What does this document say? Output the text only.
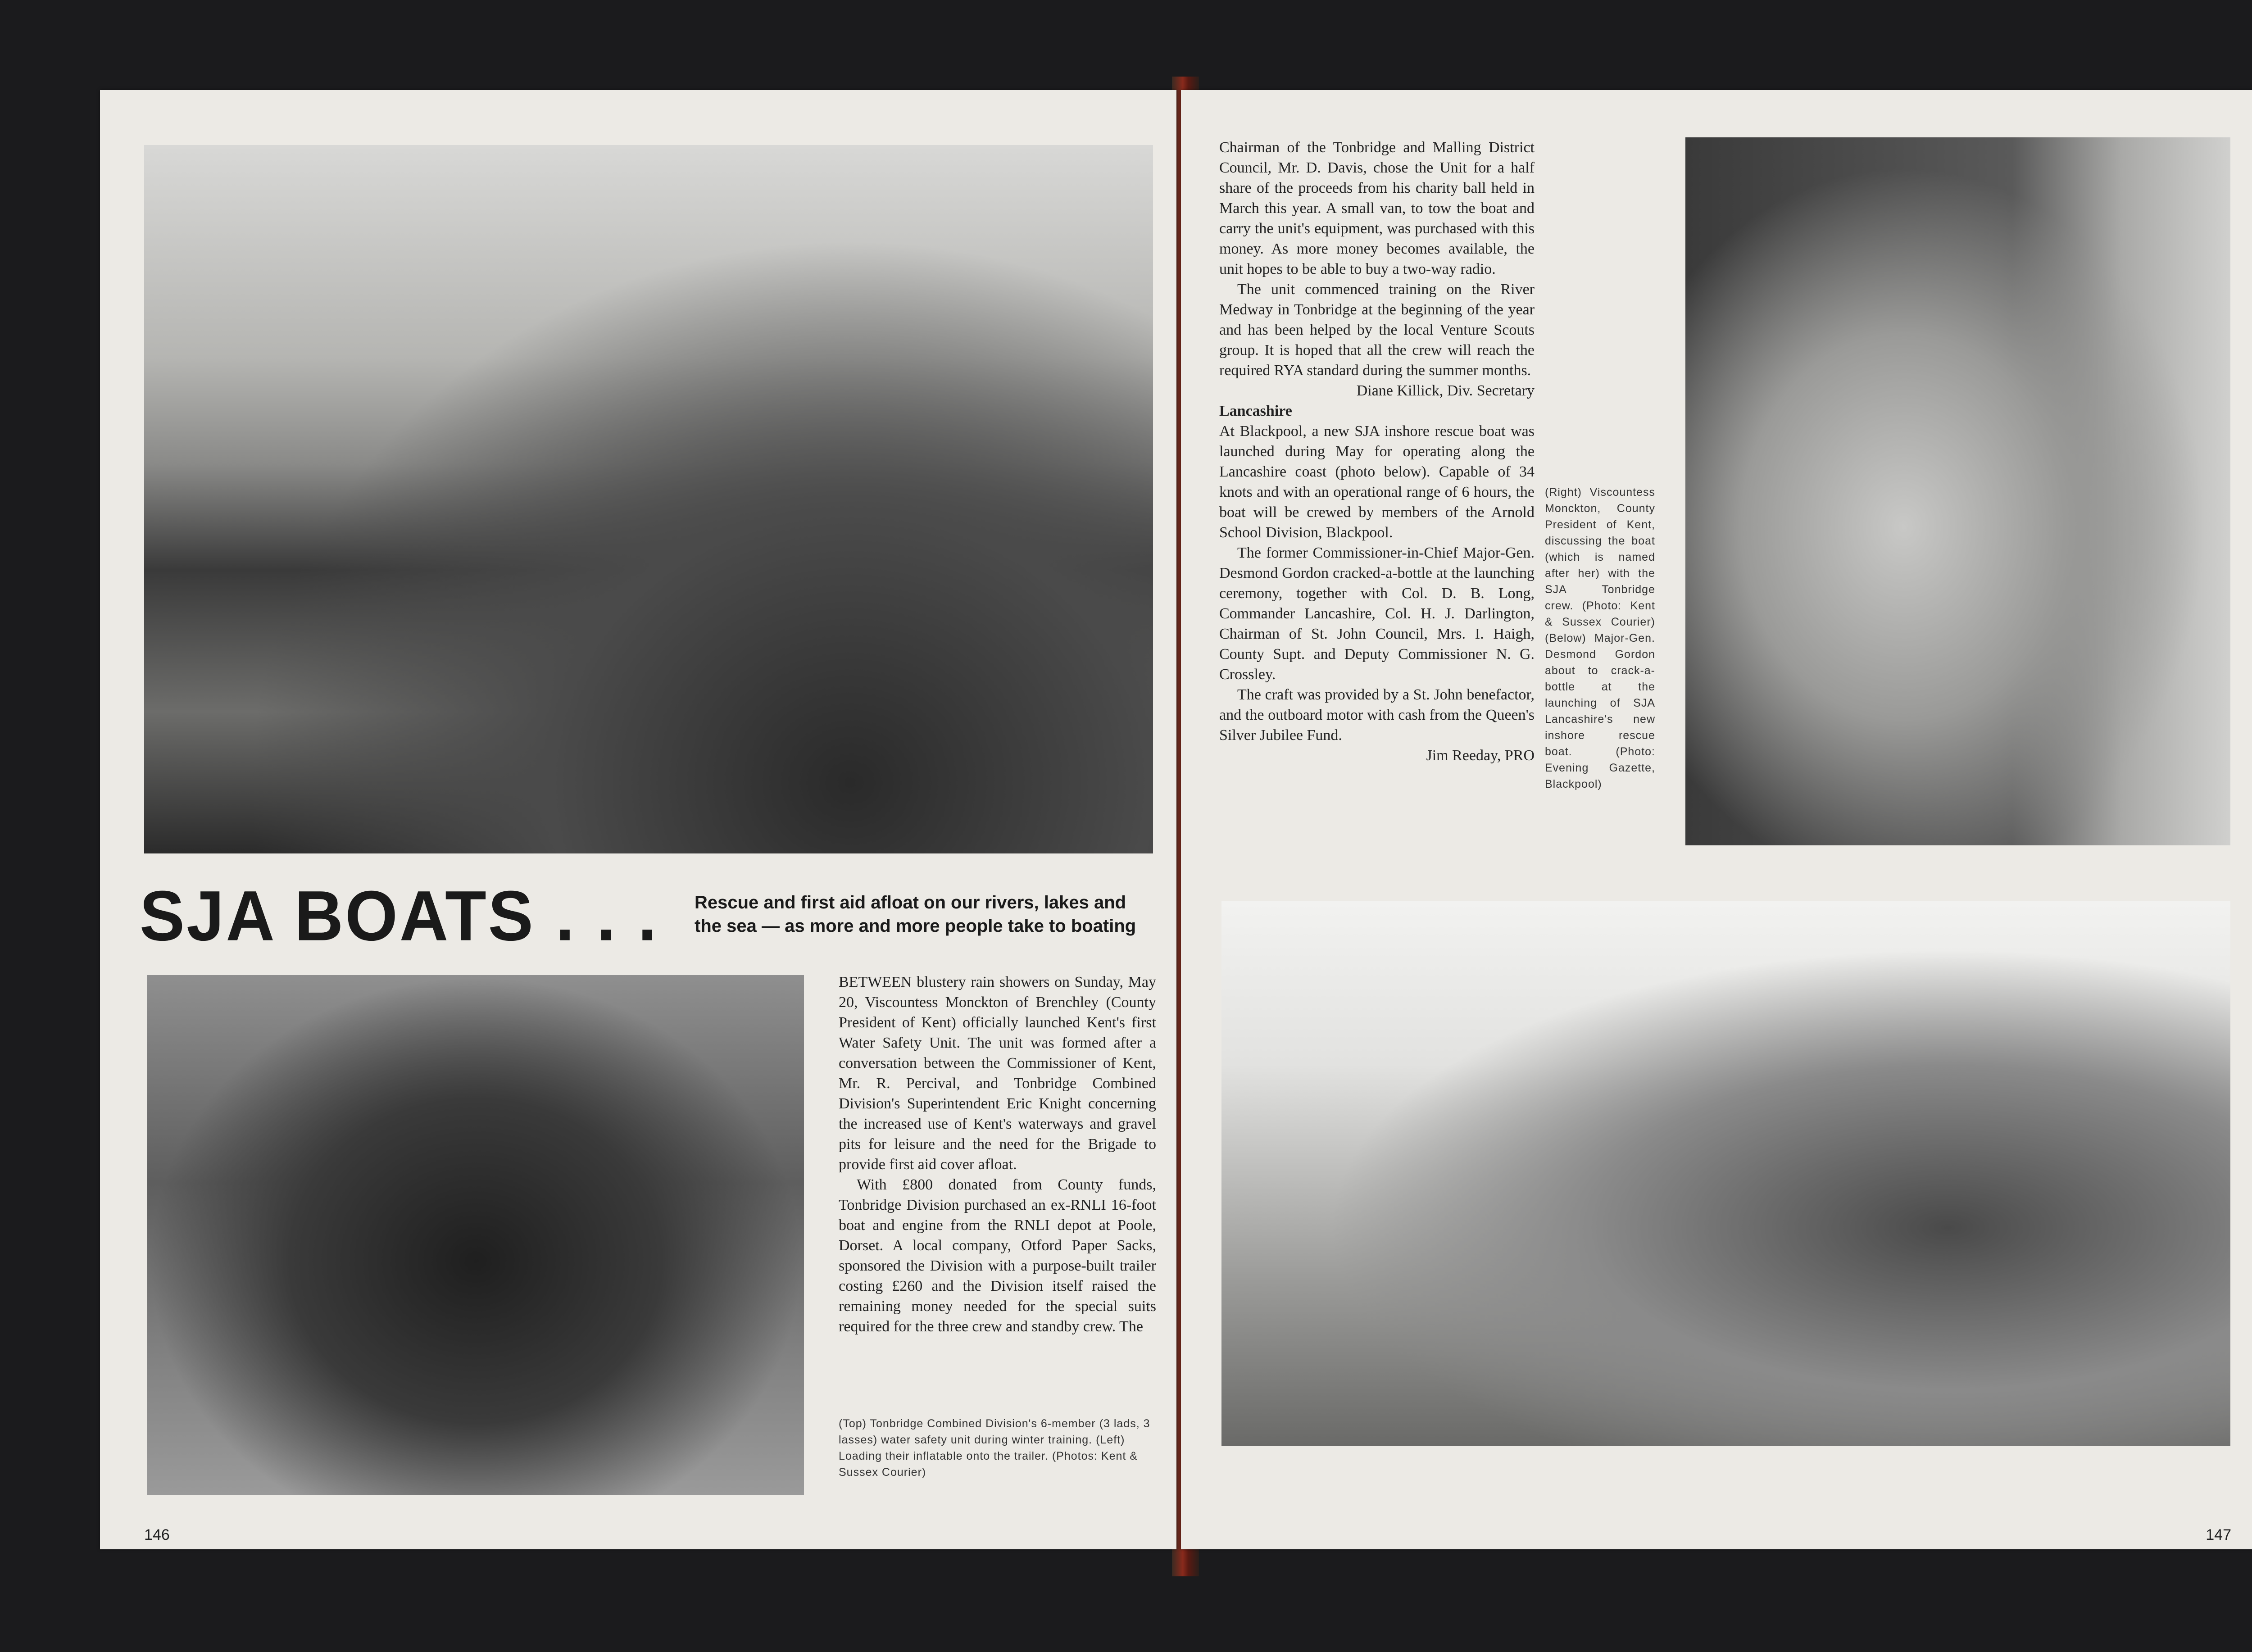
SJA BOATS . . . Rescue and first aid afloat on our rivers, lakes and the sea — as more and more people take to boating

BETWEEN blustery rain showers on Sunday, May 20, Viscountess Monckton of Brenchley (County President of Kent) officially launched Kent's first Water Safety Unit. The unit was formed after a conversation between the Commissioner of Kent, Mr. R. Percival, and Tonbridge Combined Division's Superintendent Eric Knight concerning the increased use of Kent's waterways and gravel pits for leisure and the need for the Brigade to provide first aid cover afloat.

With £800 donated from County funds, Tonbridge Division purchased an ex-RNLI 16-foot boat and engine from the RNLI depot at Poole, Dorset. A local company, Otford Paper Sacks, sponsored the Division with a purpose-built trailer costing £260 and the Division itself raised the remaining money needed for the special suits required for the three crew and standby crew. The

(Top) Tonbridge Combined Division's 6-member (3 lads, 3 lasses) water safety unit during winter training. (Left) Loading their inflatable onto the trailer. (Photos: Kent & Sussex Courier)

146

Chairman of the Tonbridge and Malling District Council, Mr. D. Davis, chose the Unit for a half share of the proceeds from his charity ball held in March this year. A small van, to tow the boat and carry the unit's equipment, was purchased with this money. As more money becomes available, the unit hopes to be able to buy a two-way radio.

The unit commenced training on the River Medway in Tonbridge at the beginning of the year and has been helped by the local Venture Scouts group. It is hoped that all the crew will reach the required RYA standard during the summer months.

Diane Killick, Div. Secretary

Lancashire

At Blackpool, a new SJA inshore rescue boat was launched during May for operating along the Lancashire coast (photo below). Capable of 34 knots and with an operational range of 6 hours, the boat will be crewed by members of the Arnold School Division, Blackpool.

The former Commissioner-in-Chief Major-Gen. Desmond Gordon cracked-a-bottle at the launching ceremony, together with Col. D. B. Long, Commander Lancashire, Col. H. J. Darlington, Chairman of St. John Council, Mrs. I. Haigh, County Supt. and Deputy Commissioner N. G. Crossley.

The craft was provided by a St. John benefactor, and the outboard motor with cash from the Queen's Silver Jubilee Fund.

Jim Reeday, PRO

(Right) Viscountess Monckton, County President of Kent, discussing the boat (which is named after her) with the SJA Tonbridge crew. (Photo: Kent & Sussex Courier) (Below) Major-Gen. Desmond Gordon about to crack-a-bottle at the launching of SJA Lancashire's new inshore rescue boat. (Photo: Evening Gazette, Blackpool)

147
